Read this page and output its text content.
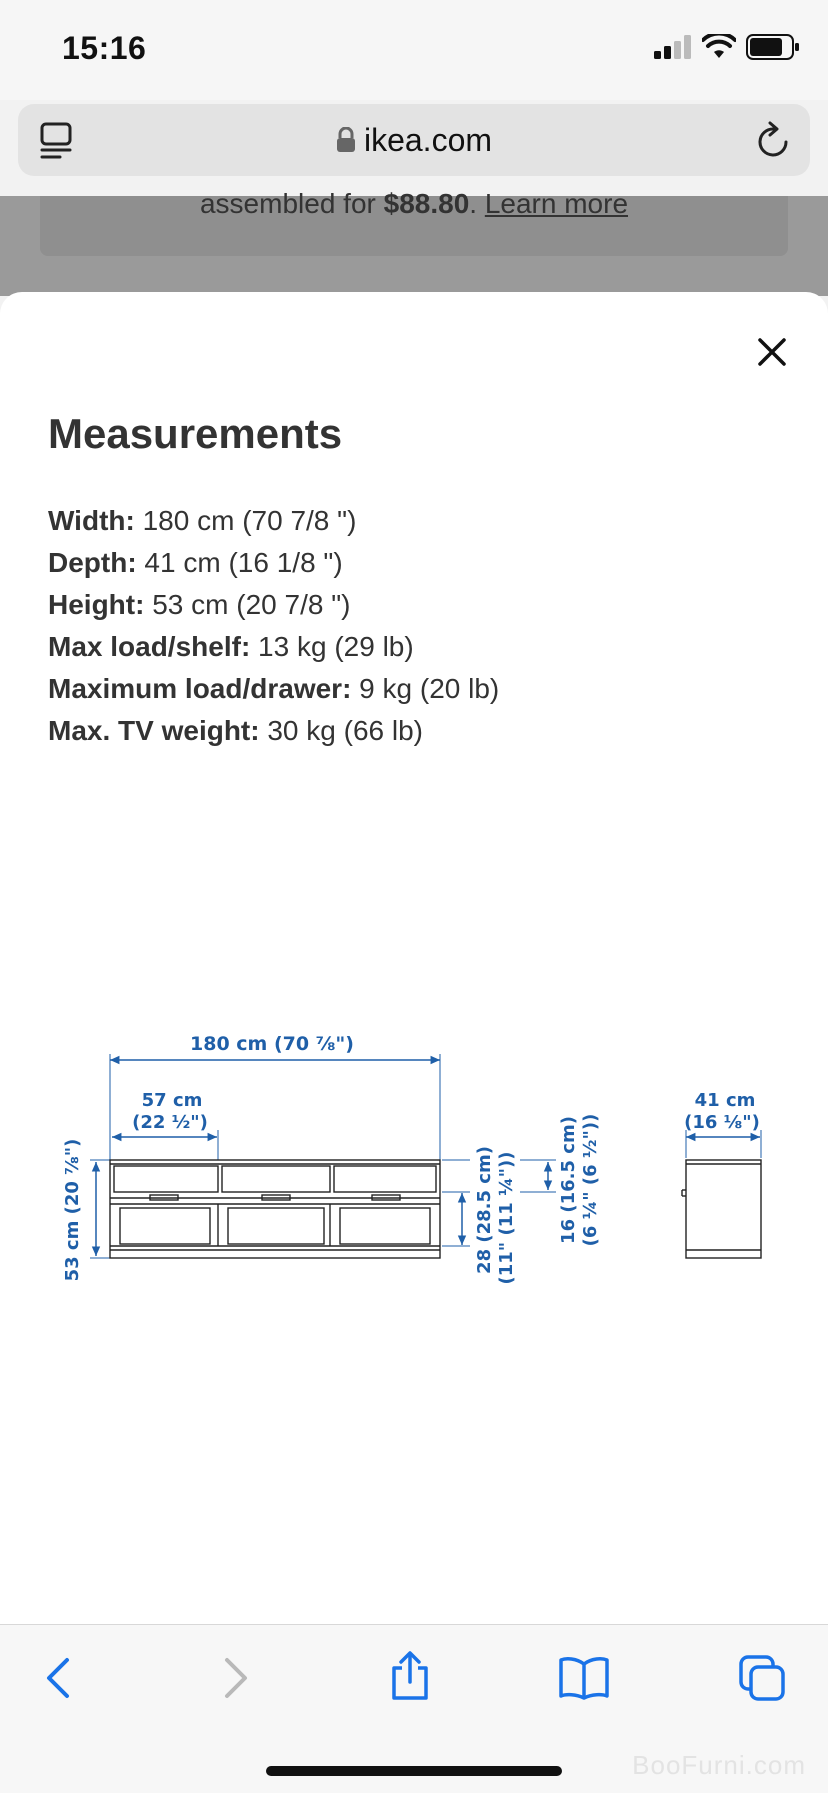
15:16
ikea.com
assembled for $88.80. Learn more
Measurements
Width: 180 cm (70 7/8 ")
Depth: 41 cm (16 1/8 ")
Height: 53 cm (20 7/8 ")
Max load/shelf: 13 kg (29 lb)
Maximum load/drawer: 9 kg (20 lb)
Max. TV weight: 30 kg (66 lb)
180 cm (70 ⅞")
57 cm
(22 ½")
53 cm (20 ⅞")	28 (28.5 cm) (11" (11 ¼")) 16 (16.5 cm) (6 ¼" (6 ½"))
41 cm
(16 ⅛")
BooFurni.com
